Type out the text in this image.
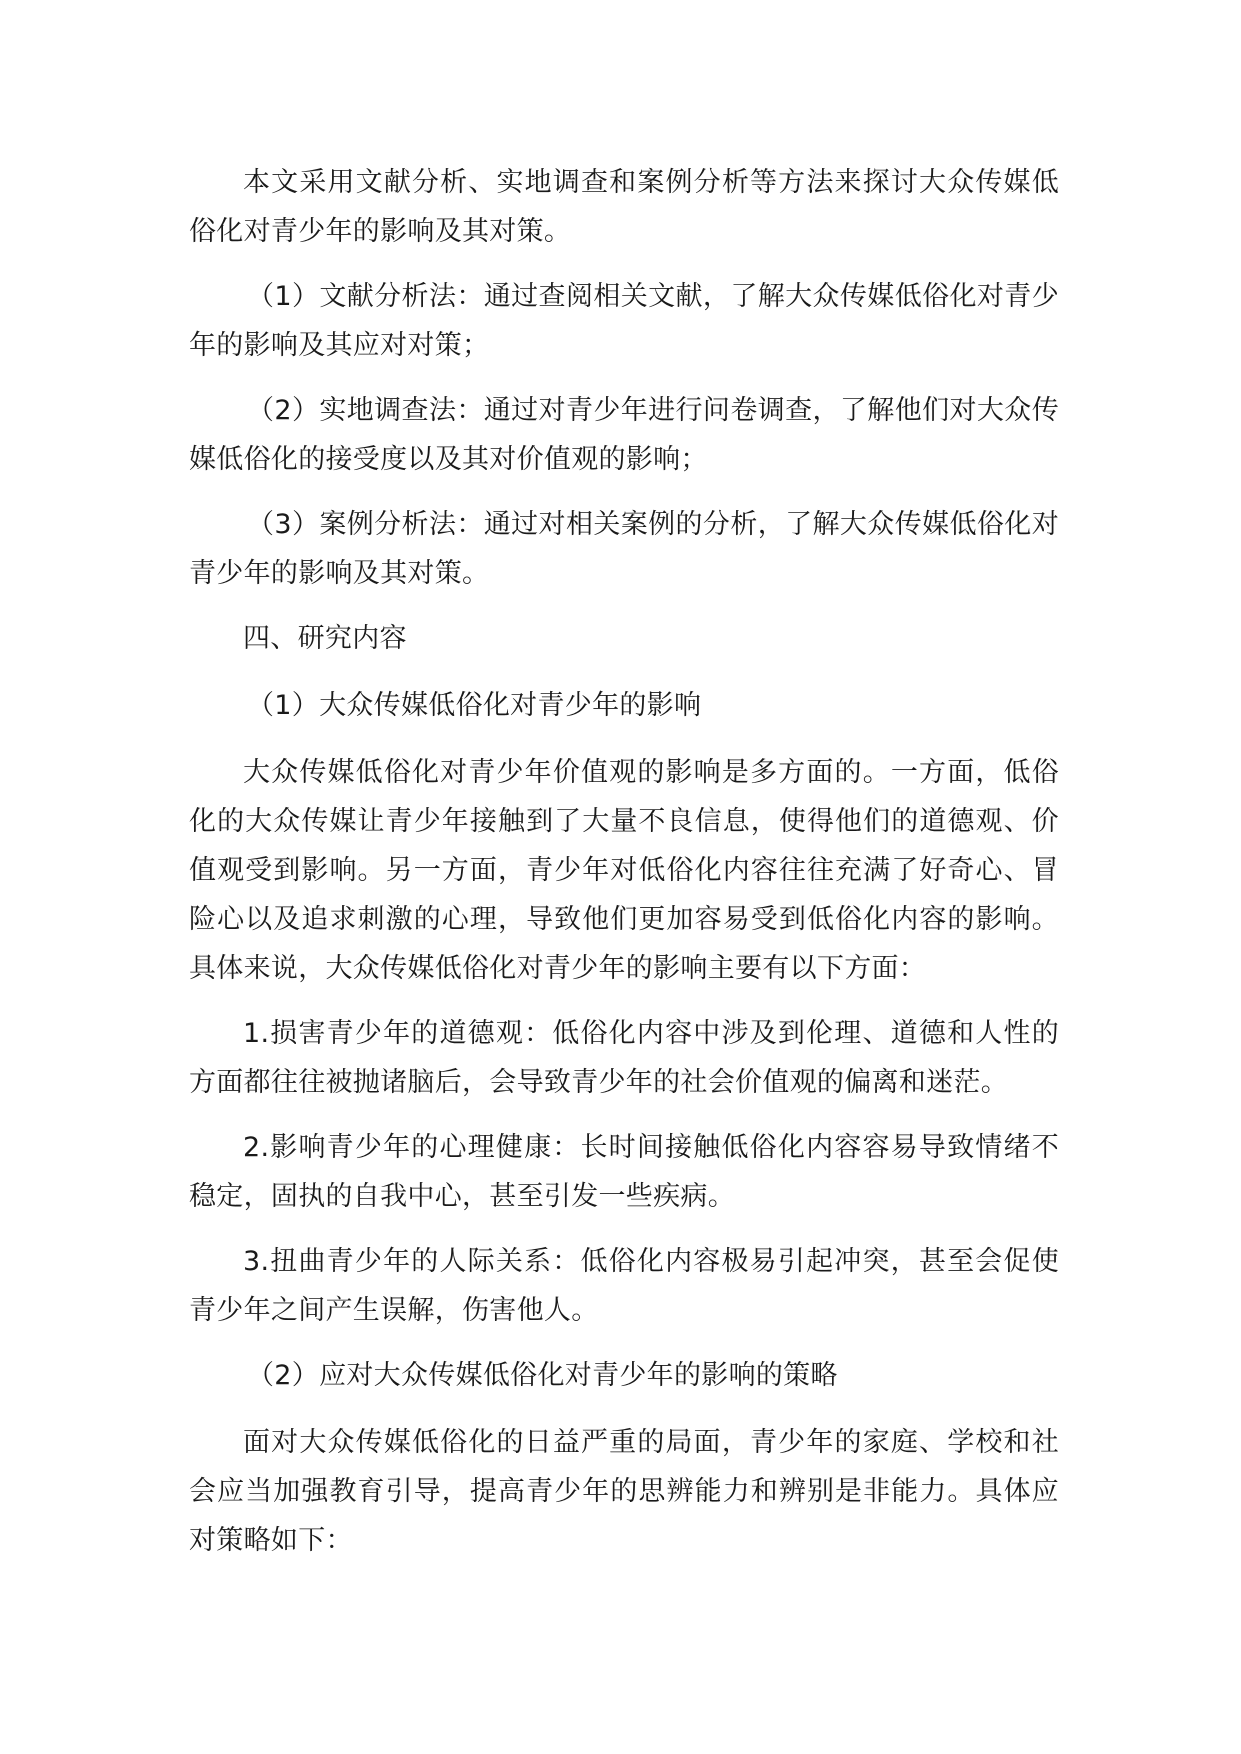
本文采用文献分析、实地调查和案例分析等方法来探讨大众传媒低俗化对青少年的影响及其对策。

（1）文献分析法：通过查阅相关文献，了解大众传媒低俗化对青少年的影响及其应对对策；

（2）实地调查法：通过对青少年进行问卷调查，了解他们对大众传媒低俗化的接受度以及其对价值观的影响；

（3）案例分析法：通过对相关案例的分析，了解大众传媒低俗化对青少年的影响及其对策。

四、研究内容

（1）大众传媒低俗化对青少年的影响

大众传媒低俗化对青少年价值观的影响是多方面的。一方面，低俗化的大众传媒让青少年接触到了大量不良信息，使得他们的道德观、价值观受到影响。另一方面，青少年对低俗化内容往往充满了好奇心、冒险心以及追求刺激的心理，导致他们更加容易受到低俗化内容的影响。具体来说，大众传媒低俗化对青少年的影响主要有以下方面：

1.损害青少年的道德观：低俗化内容中涉及到伦理、道德和人性的方面都往往被抛诸脑后，会导致青少年的社会价值观的偏离和迷茫。

2.影响青少年的心理健康：长时间接触低俗化内容容易导致情绪不稳定，固执的自我中心，甚至引发一些疾病。

3.扭曲青少年的人际关系：低俗化内容极易引起冲突，甚至会促使青少年之间产生误解，伤害他人。

（2）应对大众传媒低俗化对青少年的影响的策略

面对大众传媒低俗化的日益严重的局面，青少年的家庭、学校和社会应当加强教育引导，提高青少年的思辨能力和辨别是非能力。具体应对策略如下：
